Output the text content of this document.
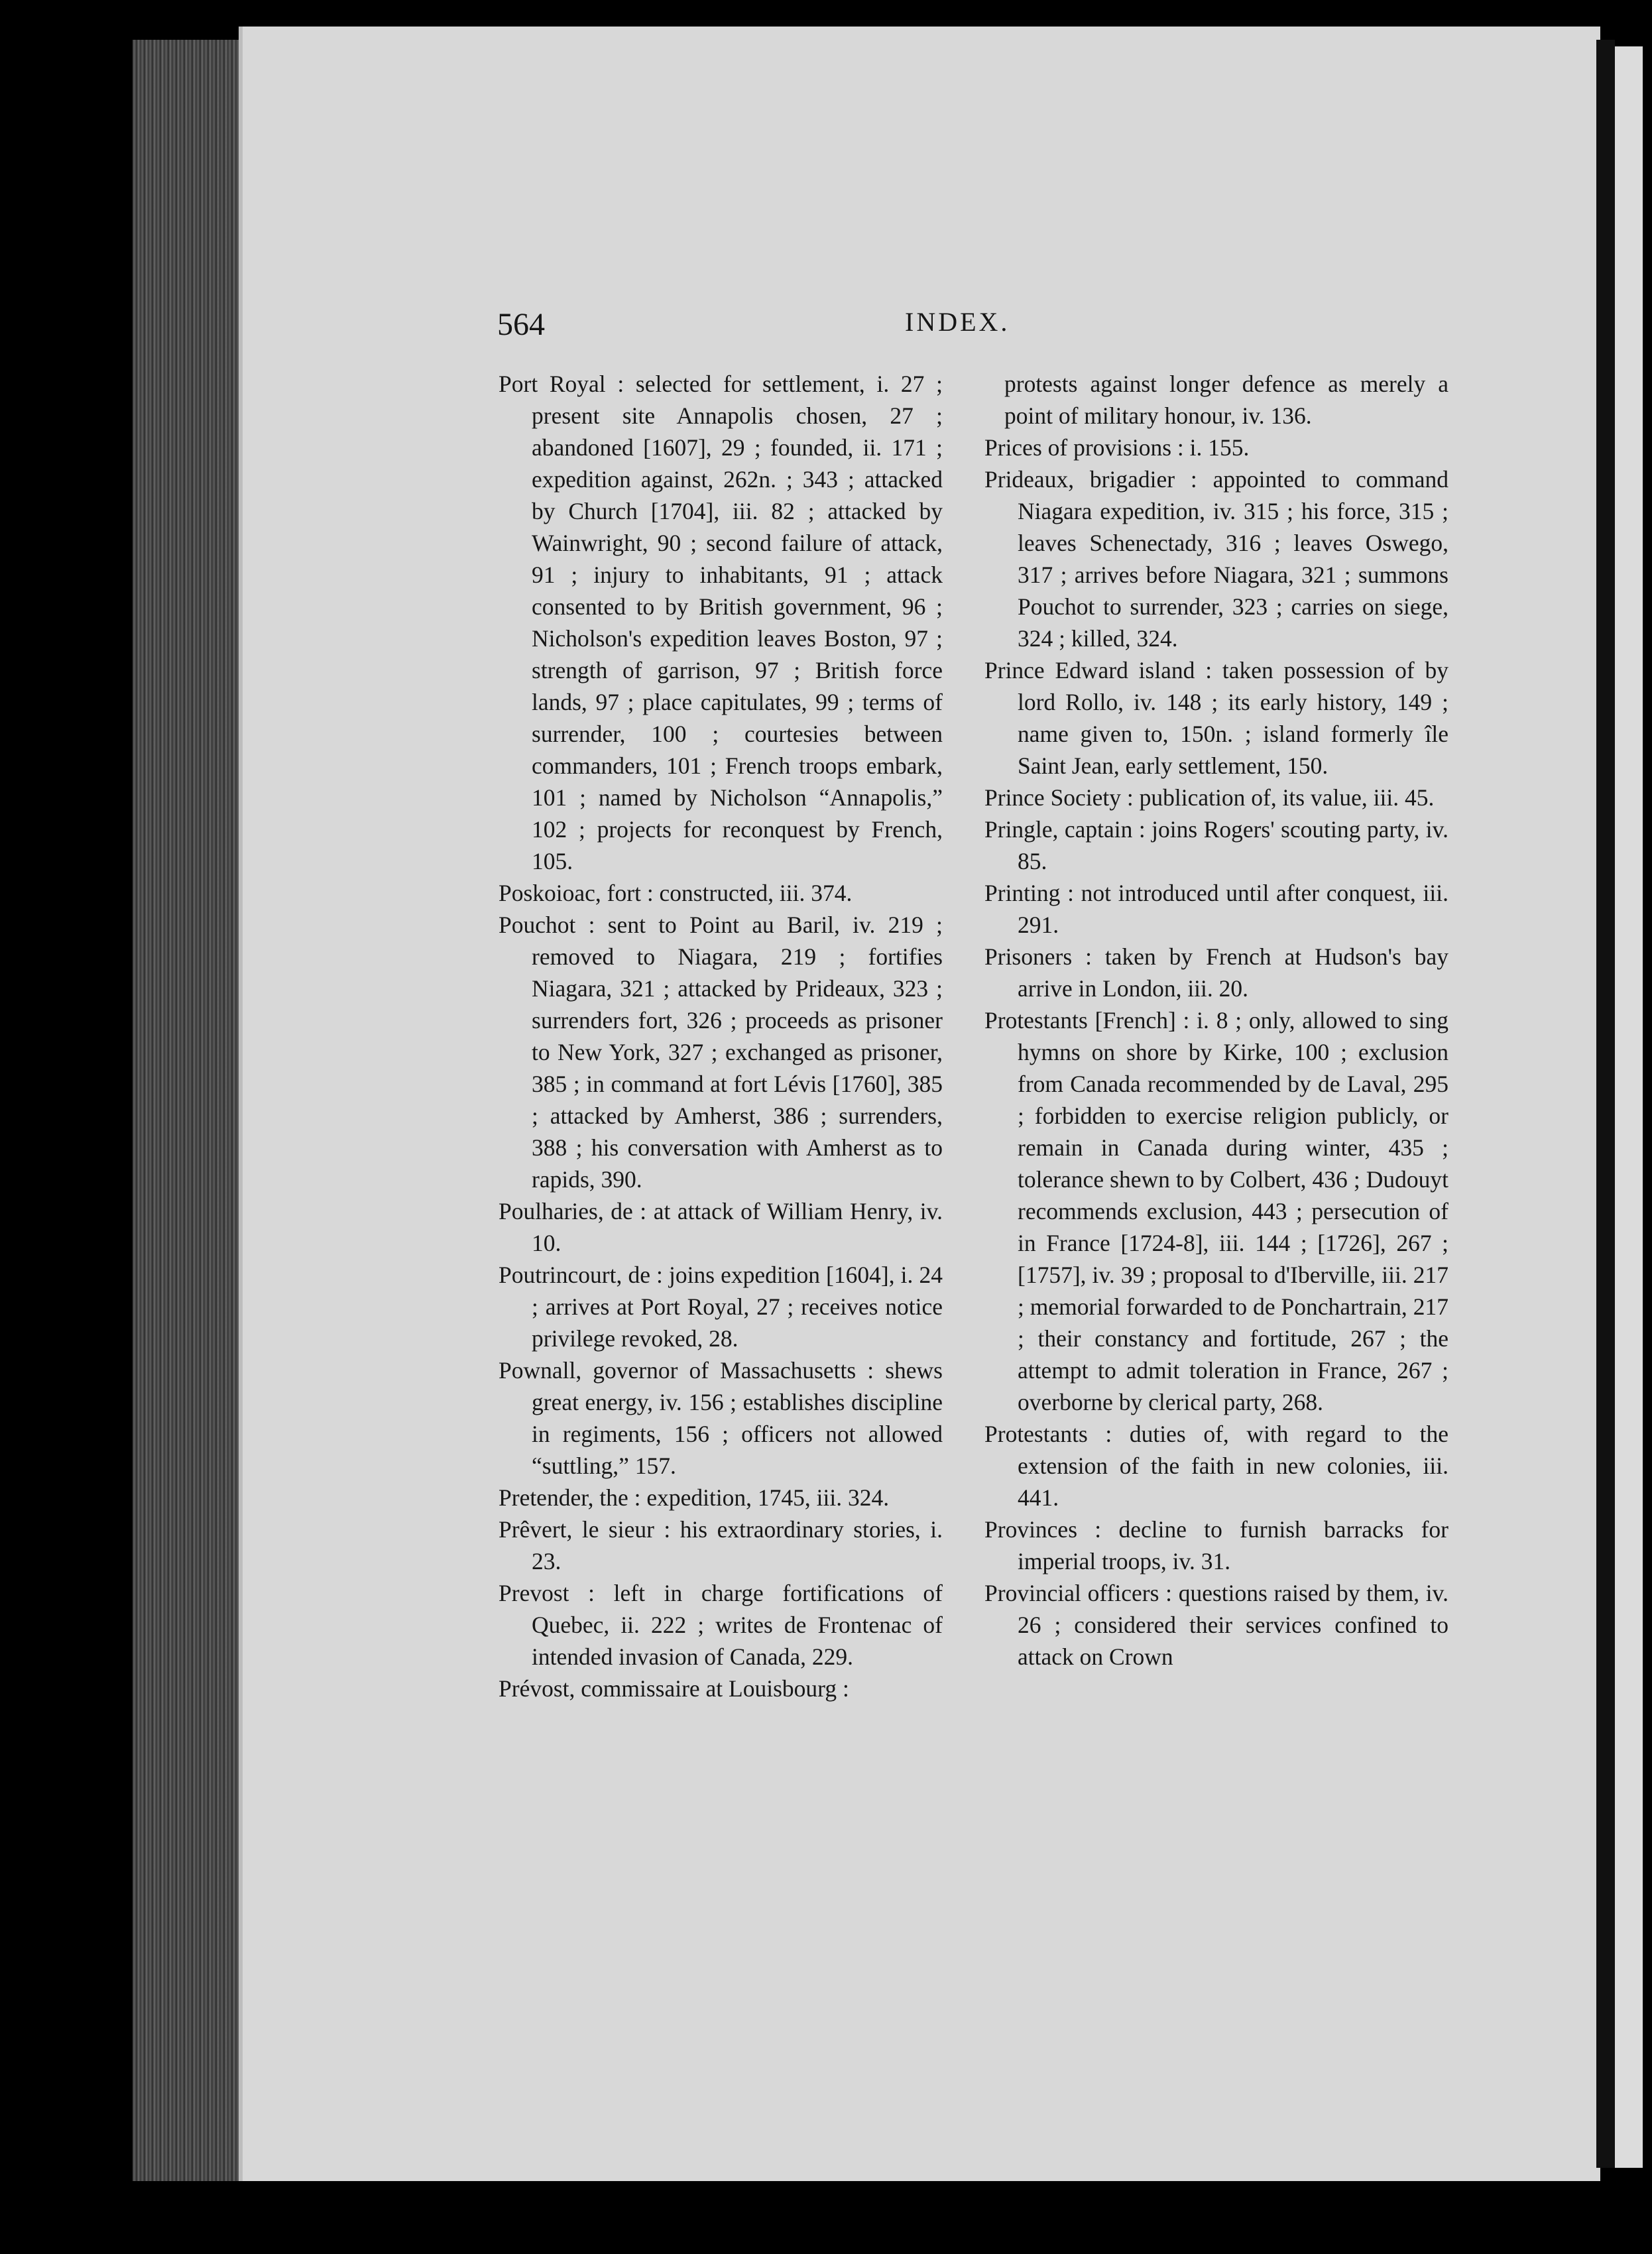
564	INDEX.

Port Royal : selected for settlement, i. 27 ; present site Annapolis chosen, 27 ; abandoned [1607], 29 ; founded, ii. 171 ; expedition against, 262n. ; 343 ; attacked by Church [1704], iii. 82 ; attacked by Wainwright, 90 ; second failure of attack, 91 ; injury to inhabitants, 91 ; attack consented to by British government, 96 ; Nicholson's expedition leaves Boston, 97 ; strength of garrison, 97 ; British force lands, 97 ; place capitulates, 99 ; terms of surrender, 100 ; courtesies between commanders, 101 ; French troops embark, 101 ; named by Nicholson “Annapolis,” 102 ; projects for reconquest by French, 105.

Poskoioac, fort : constructed, iii. 374.

Pouchot : sent to Point au Baril, iv. 219 ; removed to Niagara, 219 ; fortifies Niagara, 321 ; attacked by Prideaux, 323 ; surrenders fort, 326 ; proceeds as prisoner to New York, 327 ; exchanged as prisoner, 385 ; in command at fort Lévis [1760], 385 ; attacked by Amherst, 386 ; surrenders, 388 ; his conversation with Amherst as to rapids, 390.

Poulharies, de : at attack of William Henry, iv. 10.

Poutrincourt, de : joins expedition [1604], i. 24 ; arrives at Port Royal, 27 ; receives notice privilege revoked, 28.

Pownall, governor of Massachusetts : shews great energy, iv. 156 ; establishes discipline in regiments, 156 ; officers not allowed “suttling,” 157.

Pretender, the : expedition, 1745, iii. 324.

Prêvert, le sieur : his extraordinary stories, i. 23.

Prevost : left in charge fortifications of Quebec, ii. 222 ; writes de Frontenac of intended invasion of Canada, 229.

Prévost, commissaire at Louisbourg :

protests against longer defence as merely a point of military honour, iv. 136.

Prices of provisions : i. 155.

Prideaux, brigadier : appointed to command Niagara expedition, iv. 315 ; his force, 315 ; leaves Schenectady, 316 ; leaves Oswego, 317 ; arrives before Niagara, 321 ; summons Pouchot to surrender, 323 ; carries on siege, 324 ; killed, 324.

Prince Edward island : taken possession of by lord Rollo, iv. 148 ; its early history, 149 ; name given to, 150n. ; island formerly île Saint Jean, early settlement, 150.

Prince Society : publication of, its value, iii. 45.

Pringle, captain : joins Rogers' scouting party, iv. 85.

Printing : not introduced until after conquest, iii. 291.

Prisoners : taken by French at Hudson's bay arrive in London, iii. 20.

Protestants [French] : i. 8 ; only, allowed to sing hymns on shore by Kirke, 100 ; exclusion from Canada recommended by de Laval, 295 ; forbidden to exercise religion publicly, or remain in Canada during winter, 435 ; tolerance shewn to by Colbert, 436 ; Dudouyt recommends exclusion, 443 ; persecution of in France [1724-8], iii. 144 ; [1726], 267 ; [1757], iv. 39 ; proposal to d'Iberville, iii. 217 ; memorial forwarded to de Ponchartrain, 217 ; their constancy and fortitude, 267 ; the attempt to admit toleration in France, 267 ; overborne by clerical party, 268.

Protestants : duties of, with regard to the extension of the faith in new colonies, iii. 441.

Provinces : decline to furnish barracks for imperial troops, iv. 31.

Provincial officers : questions raised by them, iv. 26 ; considered their services confined to attack on Crown
